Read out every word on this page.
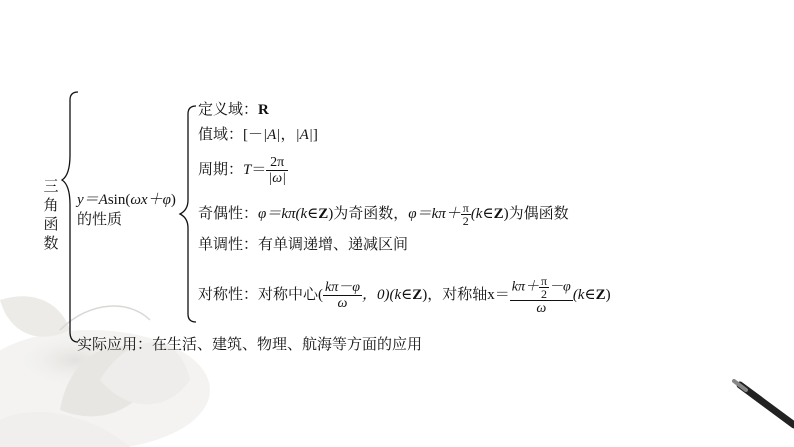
三
角
函
数
y＝Asin(ωx＋φ)
的性质
定义域：R
值域：[－|A|，|A|]
周期：$T= \frac{2\pi}{|\omega|}$
奇偶性：φ＝kπ(k∈Z)为奇函数，$\varphi=k\pi+ \frac{\pi}{2}$ (k∈Z)为偶函数
单调性：有单调递增、递减区间
对称性：对称中心( $\frac{k\pi-\varphi}{\omega}$ ，0)(k∈Z)，对称轴$x= \frac{k\pi+ \frac{\pi}{2} -\varphi}{\omega}$ (k∈Z)
实际应用：在生活、建筑、物理、航海等方面的应用
